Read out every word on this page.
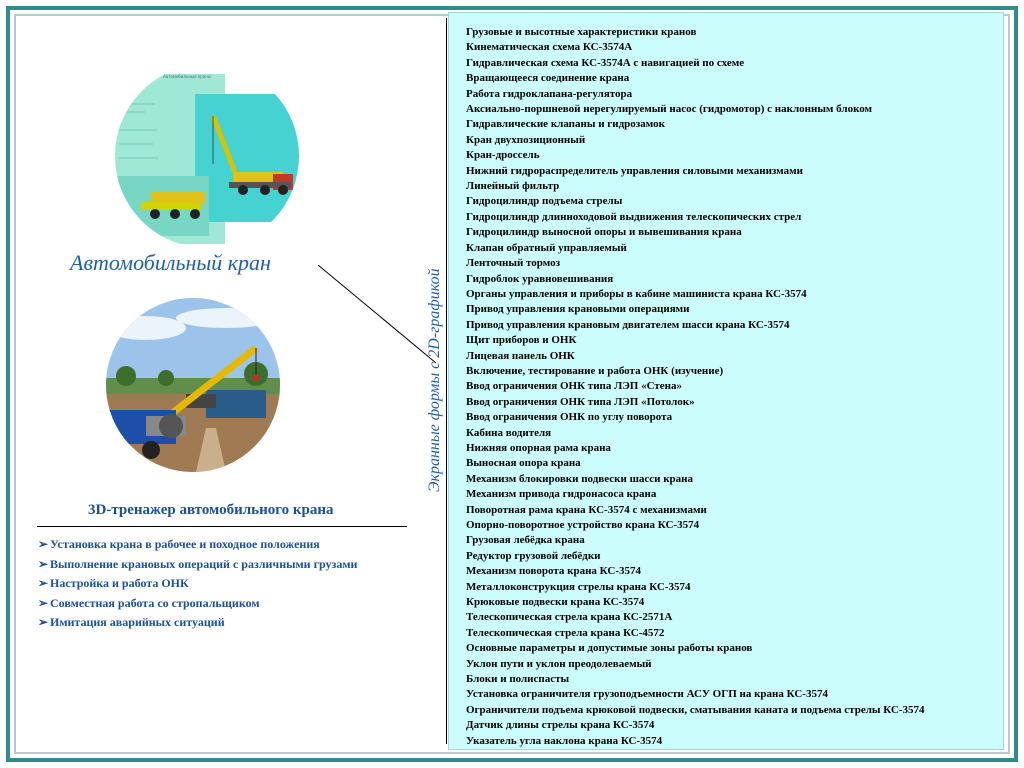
Автомобильные краны
Автомобильный кран
3D-тренажер автомобильного крана
➢ Установка крана в рабочее и походное положения
➢ Выполнение крановых операций с различными грузами
➢ Настройка и работа ОНК
➢ Совместная работа со стропальщиком
➢ Имитация аварийных ситуаций
Экранные формы с 2D-графикой
Грузовые и высотные характеристики кранов
Кинематическая схема КС-3574А
Гидравлическая схема КС-3574А с навигацией по схеме
Вращающееся соединение крана
Работа гидроклапана-регулятора
Аксиально-поршневой нерегулируемый насос (гидромотор) с наклонным блоком
Гидравлические клапаны и гидрозамок
Кран двухпозиционный
Кран-дроссель
Нижний гидрораспределитель управления силовыми механизмами
Линейный фильтр
Гидроцилиндр подъема стрелы
Гидроцилиндр длинноходовой выдвижения телескопических стрел
Гидроцилиндр выносной опоры и вывешивания крана
Клапан обратный управляемый
Ленточный тормоз
Гидроблок уравновешивания
Органы управления и приборы в кабине машиниста крана КС-3574
Привод управления крановыми операциями
Привод управления крановым двигателем шасси крана КС-3574
Щит приборов и ОНК
Лицевая панель ОНК
Включение, тестирование и работа ОНК (изучение)
Ввод ограничения ОНК типа ЛЭП «Стена»
Ввод ограничения ОНК типа ЛЭП «Потолок»
Ввод ограничения ОНК по углу поворота
Кабина водителя
Нижняя опорная рама крана
Выносная опора крана
Механизм блокировки подвески шасси крана
Механизм привода гидронасоса крана
Поворотная рама крана КС-3574 с механизмами
Опорно-поворотное устройство крана КС-3574
Грузовая лебёдка крана
Редуктор грузовой лебёдки
Механизм поворота крана КС-3574
Металлоконструкция стрелы крана КС-3574
Крюковые подвески крана КС-3574
Телескопическая стрела крана КС-2571А
Телескопическая стрела крана КС-4572
Основные параметры и допустимые зоны работы кранов
Уклон пути и уклон преодолеваемый
Блоки и полиспасты
Установка ограничителя грузоподъемности АСУ ОГП на крана КС-3574
Ограничители подъема крюковой подвески, сматывания каната и подъема стрелы КС-3574
Датчик длины стрелы крана КС-3574
Указатель угла наклона крана КС-3574
